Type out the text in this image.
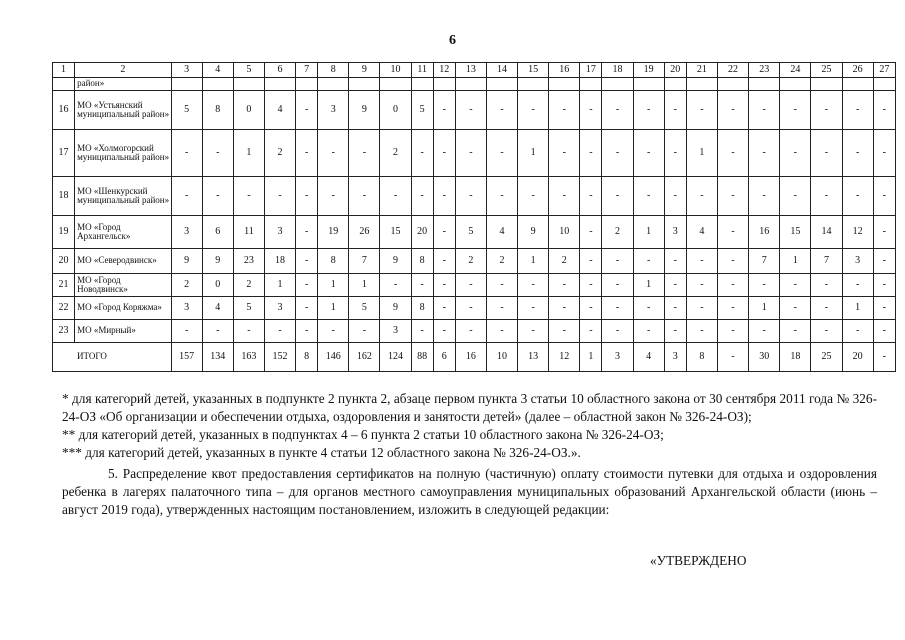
6
1	2	3	4	5	6	7	8	9	10	11	12	13	14	15	16	17	18	19	20	21	22	23	24	25	26	27
	район»																									
16	МО «Устьянский муниципальный район»	5	8	0	4	-	3	9	0	5	-	-	-	-	-	-	-	-	-	-	-	-	-	-	-	-
17	МО «Холмогорский муниципальный район»	-	-	1	2	-	-	-	2	-	-	-	-	1	-	-	-	-	-	1	-	-	-	-	-	-
18	МО «Шенкурский муниципальный район»	-	-	-	-	-	-	-	-	-	-	-	-	-	-	-	-	-	-	-	-	-	-	-	-	-
19	МО «Город Архангельск»	3	6	11	3	-	19	26	15	20	-	5	4	9	10	-	2	1	3	4	-	16	15	14	12	-
20	МО «Северодвинск»	9	9	23	18	-	8	7	9	8	-	2	2	1	2	-	-	-	-	-	-	7	1	7	3	-
21	МО «Город Новодвинск»	2	0	2	1	-	1	1	-	-	-	-	-	-	-	-	-	1	-	-	-	-	-	-	-	-
22	МО «Город Коряжма»	3	4	5	3	-	1	5	9	8	-	-	-	-	-	-	-	-	-	-	-	1	-	-	1	-
23	МО «Мирный»	-	-	-	-	-	-	-	3	-	-	-	-	-	-	-	-	-	-	-	-	-	-	-	-	-
ИТОГО		157	134	163	152	8	146	162	124	88	6	16	10	13	12	1	3	4	3	8	-	30	18	25	20	-

* для категорий детей, указанных в подпункте 2 пункта 2, абзаце первом пункта 3 статьи 10 областного закона от 30 сентября 2011 года № 326-24-ОЗ «Об организации и обеспечении отдыха, оздоровления и занятости детей» (далее – областной закон № 326-24-ОЗ);

** для категорий детей, указанных в подпунктах 4 – 6 пункта 2 статьи 10 областного закона № 326-24-ОЗ;

*** для категорий детей, указанных в пункте 4 статьи 12 областного закона № 326-24-ОЗ.».

5. Распределение квот предоставления сертификатов на полную (частичную) оплату стоимости путевки для отдыха и оздоровления ребенка в лагерях палаточного типа – для органов местного самоуправления муниципальных образований Архангельской области (июнь – август 2019 года), утвержденных настоящим постановлением, изложить в следующей редакции:

«УТВЕРЖДЕНО
